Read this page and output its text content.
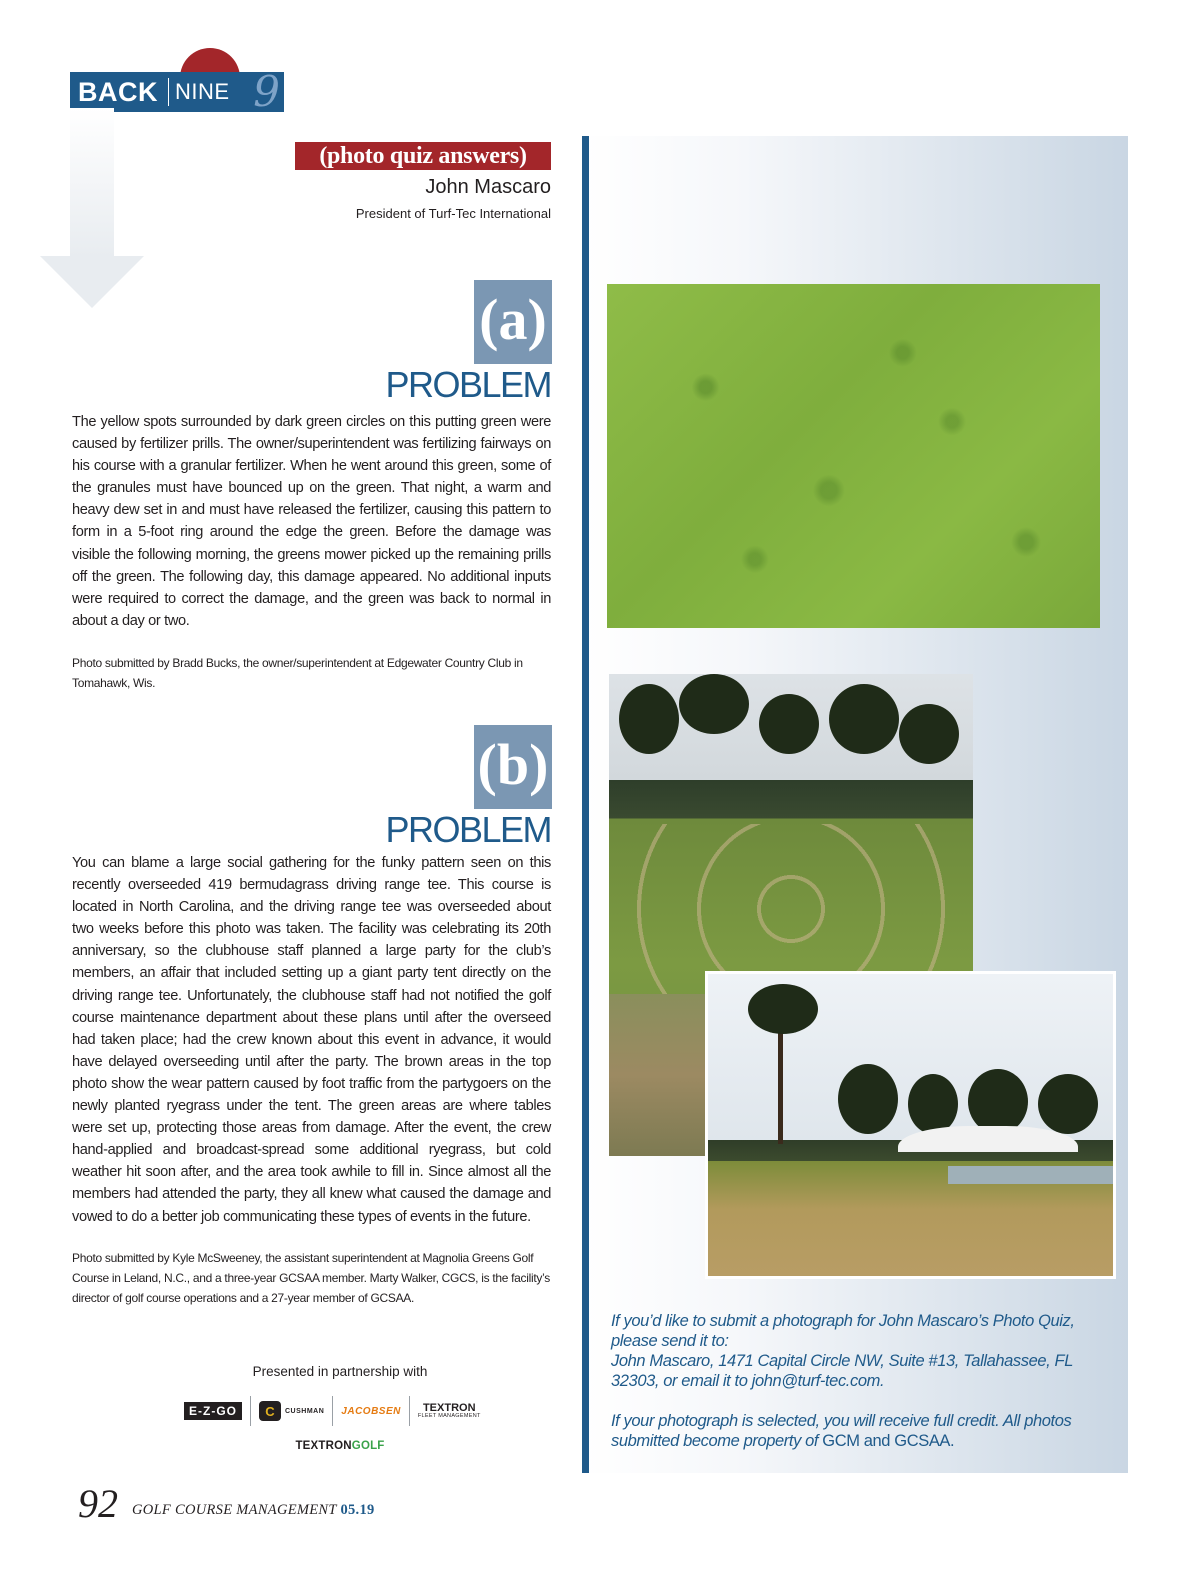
BACK NINE 9
(photo quiz answers)
John Mascaro
President of Turf-Tec International
(a)
PROBLEM

The yellow spots surrounded by dark green circles on this putting green were caused by fertilizer prills. The owner/superintendent was fertilizing fairways on his course with a granular fertilizer. When he went around this green, some of the granules must have bounced up on the green. That night, a warm and heavy dew set in and must have released the fertilizer, causing this pattern to form in a 5-foot ring around the edge the green. Before the damage was visible the following morning, the greens mower picked up the remaining prills off the green. The following day, this damage appeared. No additional inputs were required to correct the damage, and the green was back to normal in about a day or two.

Photo submitted by Bradd Bucks, the owner/superintendent at Edgewater Country Club in Tomahawk, Wis.

(b)
PROBLEM

You can blame a large social gathering for the funky pattern seen on this recently overseeded 419 bermudagrass driving range tee. This course is located in North Carolina, and the driving range tee was overseeded about two weeks before this photo was taken. The facility was celebrating its 20th anniversary, so the clubhouse staff planned a large party for the club’s members, an affair that included setting up a giant party tent directly on the driving range tee. Unfortunately, the clubhouse staff had not notified the golf course maintenance department about these plans until after the overseed had taken place; had the crew known about this event in advance, it would have delayed overseeding until after the party. The brown areas in the top photo show the wear pattern caused by foot traffic from the partygoers on the newly planted ryegrass under the tent. The green areas are where tables were set up, protecting those areas from damage. After the event, the crew hand-applied and broadcast-spread some additional ryegrass, but cold weather hit soon after, and the area took awhile to fill in. Since almost all the members had attended the party, they all knew what caused the damage and vowed to do a better job communicating these types of events in the future.

Photo submitted by Kyle McSweeney, the assistant superintendent at Magnolia Greens Golf Course in Leland, N.C., and a three-year GCSAA member. Marty Walker, CGCS, is the facility’s director of golf course operations and a 27-year member of GCSAA.

If you’d like to submit a photograph for John Mascaro’s Photo Quiz, please send it to:

John Mascaro, 1471 Capital Circle NW, Suite #13, Tallahassee, FL 32303, or email it to john@turf-tec.com.

If your photograph is selected, you will receive full credit. All photos submitted become property of GCM and GCSAA.

Presented in partnership with
E-Z-GO	C	CUSHMAN JACOBSEN TEXTRON
FLEET MANAGEMENT
TEXTRONGOLF
92 GOLF COURSE MANAGEMENT 05.19
